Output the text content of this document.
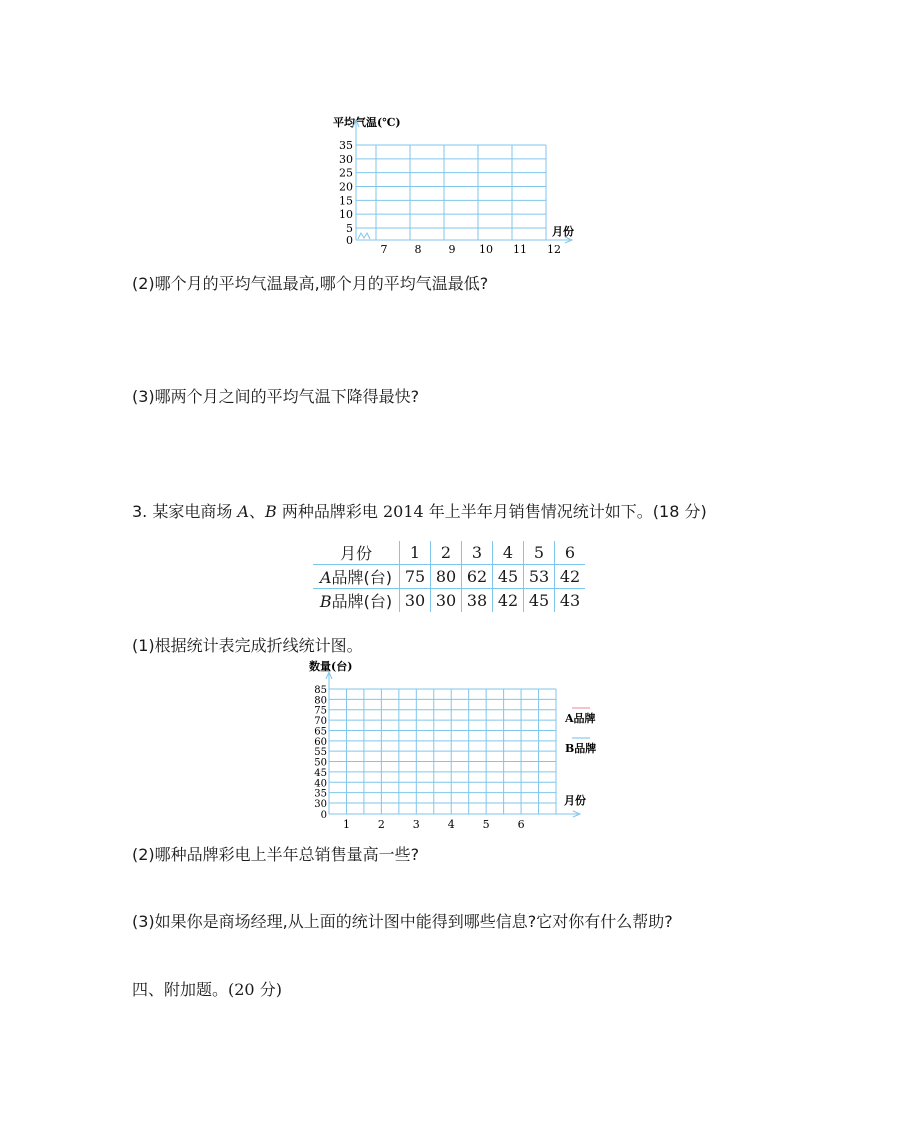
平均气温(℃)
0
5
10
15
20
25
30
35
7 8 9 10 11 12
月份
(2)哪个月的平均气温最高,哪个月的平均气温最低?
(3)哪两个月之间的平均气温下降得最快?
3. 某家电商场 A、B 两种品牌彩电 2014 年上半年月销售情况统计如下。(18 分)
月份	1	2	3	4	5	6
A品牌(台)	75	80	62	45	53	42
B品牌(台)	30	30	38	42	45	43
(1)根据统计表完成折线统计图。
数量(台)
0
30
35
40
45
50
55
60
65
70
75
80
85
1	2	3	4	5	6
月份
A品牌
B品牌
(2)哪种品牌彩电上半年总销售量高一些?
(3)如果你是商场经理,从上面的统计图中能得到哪些信息?它对你有什么帮助?
四、附加题。(20 分)
